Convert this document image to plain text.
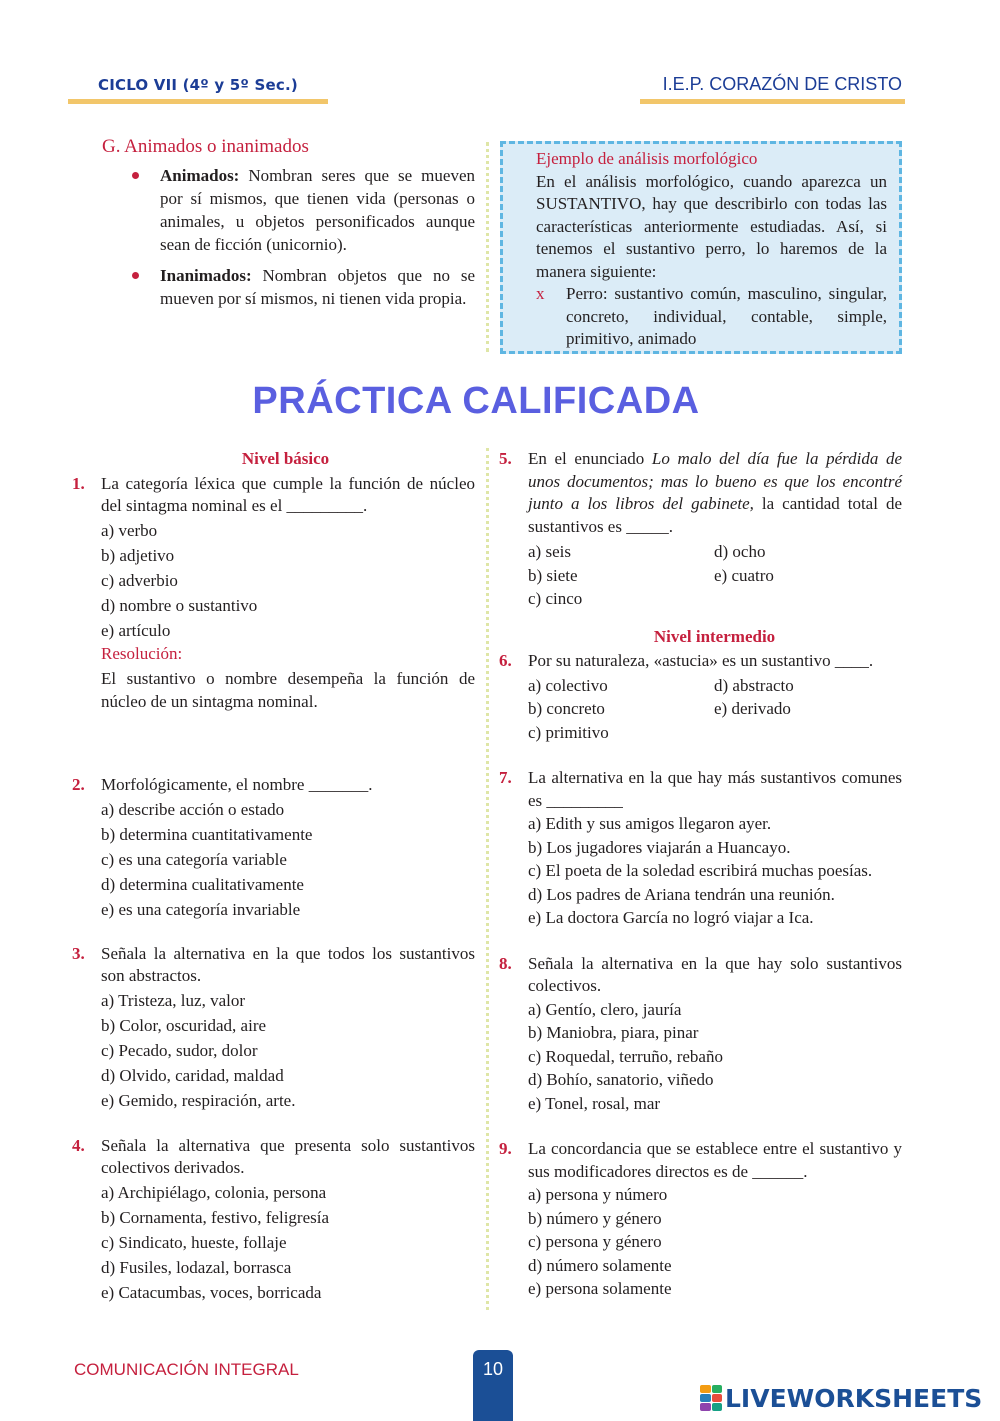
CICLO VII (4º y 5º Sec.)	I.E.P. CORAZÓN DE CRISTO
G. Animados o inanimados
Animados: Nombran seres que se mueven por sí mismos, que tienen vida (personas o animales, u objetos personificados aunque sean de ficción (unicornio).
Inanimados: Nombran objetos que no se mueven por sí mismos, ni tienen vida propia.
Ejemplo de análisis morfológico
En el análisis morfológico, cuando aparezca un SUSTANTIVO, hay que describirlo con todas las características anteriormente estudiadas. Así, si tenemos el sustantivo perro, lo haremos de la manera siguiente:
x Perro: sustantivo común, masculino, singular, concreto, individual, contable, simple, primitivo, animado
PRÁCTICA CALIFICADA
Nivel básico
1. La categoría léxica que cumple la función de núcleo del sintagma nominal es el _________.
a) verbo
b) adjetivo
c) adverbio
d) nombre o sustantivo
e) artículo
Resolución:
El sustantivo o nombre desempeña la función de núcleo de un sintagma nominal.
2. Morfológicamente, el nombre _______.
a) describe acción o estado
b) determina cuantitativamente
c) es una categoría variable
d) determina cualitativamente
e) es una categoría invariable
3. Señala la alternativa en la que todos los sustantivos son abstractos.
a) Tristeza, luz, valor
b) Color, oscuridad, aire
c) Pecado, sudor, dolor
d) Olvido, caridad, maldad
e) Gemido, respiración, arte.
4. Señala la alternativa que presenta solo sustantivos colectivos derivados.
a) Archipiélago, colonia, persona
b) Cornamenta, festivo, feligresía
c) Sindicato, hueste, follaje
d) Fusiles, lodazal, borrasca
e) Catacumbas, voces, borricada
5. En el enunciado Lo malo del día fue la pérdida de unos documentos; mas lo bueno es que los encontré junto a los libros del gabinete, la cantidad total de sustantivos es _____.
a) seis	d) ocho
b) siete	e) cuatro
c) cinco
Nivel intermedio
6. Por su naturaleza, «astucia» es un sustantivo ____.
a) colectivo	d) abstracto
b) concreto	e) derivado
c) primitivo
7. La alternativa en la que hay más sustantivos comunes es _________
a) Edith y sus amigos llegaron ayer.
b) Los jugadores viajarán a Huancayo.
c) El poeta de la soledad escribirá muchas poesías.
d) Los padres de Ariana tendrán una reunión.
e) La doctora García no logró viajar a Ica.
8. Señala la alternativa en la que hay solo sustantivos colectivos.
a) Gentío, clero, jauría
b) Maniobra, piara, pinar
c) Roquedal, terruño, rebaño
d) Bohío, sanatorio, viñedo
e) Tonel, rosal, mar
9. La concordancia que se establece entre el sustantivo y sus modificadores directos es de ______.
a) persona y número
b) número y género
c) persona y género
d) número solamente
e) persona solamente
COMUNICACIÓN INTEGRAL	10
LIVEWORKSHEETS
